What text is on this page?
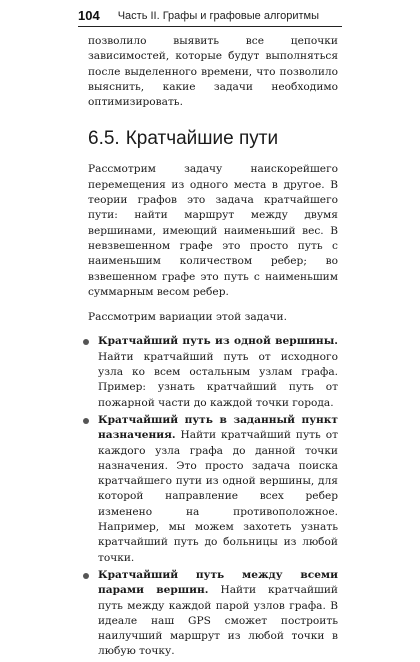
104 Часть II. Графы и графовые алгоритмы

позволило выявить все цепочки зависимостей, которые будут выполняться после выделенного времени, что позволило выяснить, какие задачи необходимо оптимизировать.

6.5. Кратчайшие пути

Рассмотрим задачу наискорейшего перемещения из одного места в другое. В теории графов это задача кратчайшего пути: найти маршрут между двумя вершинами, имеющий наименьший вес. В невзвешенном графе это просто путь с наименьшим количеством ребер; во взвешенном графе это путь с наименьшим суммарным весом ребер.

Рассмотрим вариации этой задачи.

Кратчайший путь из одной вершины. Найти кратчайший путь от исходного узла ко всем остальным узлам графа. Пример: узнать кратчайший путь от пожарной части до каждой точки города.
Кратчайший путь в заданный пункт назначения. Найти кратчайший путь от каждого узла графа до данной точки назначения. Это просто задача поиска кратчайшего пути из одной вершины, для которой направление всех ребер изменено на противоположное. Например, мы можем захотеть узнать кратчайший путь до больницы из любой точки.
Кратчайший путь между всеми парами вершин. Найти кратчайший путь между каждой парой узлов графа. В идеале наш GPS сможет построить наилучший маршрут из любой точки в любую точку.
